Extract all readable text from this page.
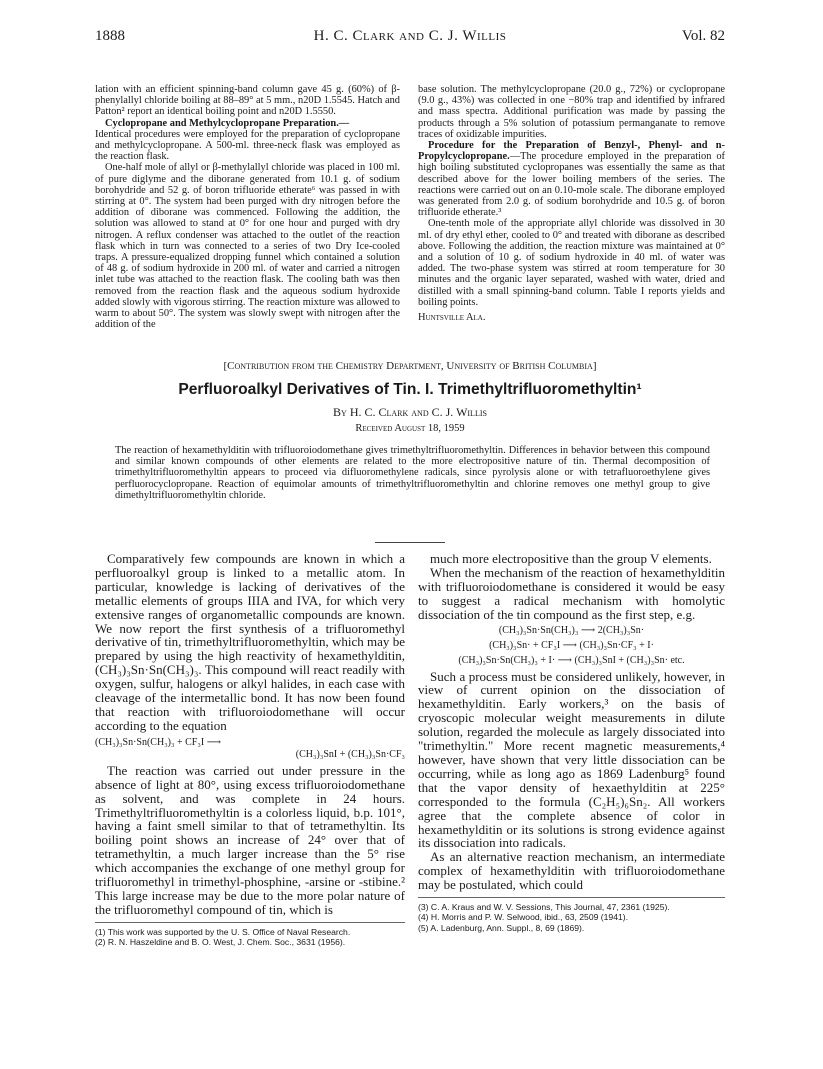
1888	H. C. Clark and C. J. Willis	Vol. 82

lation with an efficient spinning-band column gave 45 g. (60%) of β-phenylallyl chloride boiling at 88–89° at 5 mm., n20D 1.5545. Hatch and Patton² report an identical boiling point and n20D 1.5550.

Cyclopropane and Methylcyclopropane Preparation.—

Identical procedures were employed for the preparation of cyclopropane and methylcyclopropane. A 500-ml. three-neck flask was employed as the reaction flask.

One-half mole of allyl or β-methylallyl chloride was placed in 100 ml. of pure diglyme and the diborane generated from 10.1 g. of sodium borohydride and 52 g. of boron trifluoride etherate⁶ was passed in with stirring at 0°. The system had been purged with dry nitrogen before the addition of diborane was commenced. Following the addition, the solution was allowed to stand at 0° for one hour and purged with dry nitrogen. A reflux condenser was attached to the outlet of the reaction flask which in turn was connected to a series of two Dry Ice-cooled traps. A pressure-equalized dropping funnel which contained a solution of 48 g. of sodium hydroxide in 200 ml. of water and carried a nitrogen inlet tube was attached to the reaction flask. The cooling bath was then removed from the reaction flask and the aqueous sodium hydroxide added slowly with vigorous stirring. The reaction mixture was allowed to warm to about 50°. The system was slowly swept with nitrogen after the addition of the

base solution. The methylcyclopropane (20.0 g., 72%) or cyclopropane (9.0 g., 43%) was collected in one −80% trap and identified by infrared and mass spectra. Additional purification was made by passing the products through a 5% solution of potassium permanganate to remove traces of oxidizable impurities.

Procedure for the Preparation of Benzyl-, Phenyl- and n-Propylcyclopropane.—The procedure employed in the preparation of high boiling substituted cyclopropanes was essentially the same as that described above for the lower boiling members of the series. The reactions were carried out on an 0.10-mole scale. The diborane employed was generated from 2.0 g. of sodium borohydride and 10.5 g. of boron trifluoride etherate.³

One-tenth mole of the appropriate allyl chloride was dissolved in 30 ml. of dry ethyl ether, cooled to 0° and treated with diborane as described above. Following the addition, the reaction mixture was maintained at 0° and a solution of 10 g. of sodium hydroxide in 40 ml. of water was added. The two-phase system was stirred at room temperature for 30 minutes and the organic layer separated, washed with water, dried and distilled with a small spinning-band column. Table I reports yields and boiling points.

Huntsville Ala.

[Contribution from the Chemistry Department, University of British Columbia]
Perfluoroalkyl Derivatives of Tin. I. Trimethyltrifluoromethyltin¹
By H. C. Clark and C. J. Willis
Received August 18, 1959
The reaction of hexamethylditin with trifluoroiodomethane gives trimethyltrifluoromethyltin. Differences in behavior between this compound and similar known compounds of other elements are related to the more electropositive nature of tin. Thermal decomposition of trimethyltrifluoromethyltin appears to proceed via difluoromethylene radicals, since pyrolysis alone or with tetrafluoroethylene gives perfluorocyclopropane. Reaction of equimolar amounts of trimethyltrifluoromethyltin and chlorine removes one methyl group to give dimethyltrifluoromethyltin chloride.

Comparatively few compounds are known in which a perfluoroalkyl group is linked to a metallic atom. In particular, knowledge is lacking of derivatives of the metallic elements of groups IIIA and IVA, for which very extensive ranges of organometallic compounds are known. We now report the first synthesis of a trifluoromethyl derivative of tin, trimethyltrifluoromethyltin, which may be prepared by using the high reactivity of hexamethylditin, (CH₃)₃Sn·Sn(CH₃)₃. This compound will react readily with oxygen, sulfur, halogens or alkyl halides, in each case with cleavage of the intermetallic bond. It has now been found that reaction with trifluoroiodomethane will occur according to the equation

(CH₃)₃Sn·Sn(CH₃)₃ + CF₃I ⟶
(CH₃)₃SnI + (CH₃)₃Sn·CF₃

The reaction was carried out under pressure in the absence of light at 80°, using excess trifluoroiodomethane as solvent, and was complete in 24 hours. Trimethyltrifluoromethyltin is a colorless liquid, b.p. 101°, having a faint smell similar to that of tetramethyltin. Its boiling point shows an increase of 24° over that of tetramethyltin, a much larger increase than the 5° rise which accompanies the exchange of one methyl group for trifluoromethyl in trimethyl-phosphine, -arsine or -stibine.² This large increase may be due to the more polar nature of the trifluoromethyl compound of tin, which is

(1) This work was supported by the U. S. Office of Naval Research.
(2) R. N. Haszeldine and B. O. West, J. Chem. Soc., 3631 (1956).

much more electropositive than the group V elements.

When the mechanism of the reaction of hexamethylditin with trifluoroiodomethane is considered it would be easy to suggest a radical mechanism with homolytic dissociation of the tin compound as the first step, e.g.

(CH₃)₃Sn·Sn(CH₃)₃ ⟶ 2(CH₃)₃Sn·
(CH₃)₃Sn· + CF₃I ⟶ (CH₃)₃Sn·CF₃ + I·
(CH₃)₃Sn·Sn(CH₃)₃ + I· ⟶ (CH₃)₃SnI + (CH₃)₃Sn· etc.

Such a process must be considered unlikely, however, in view of current opinion on the dissociation of hexamethylditin. Early workers,³ on the basis of cryoscopic molecular weight measurements in dilute solution, regarded the molecule as largely dissociated into "trimethyltin." More recent magnetic measurements,⁴ however, have shown that very little dissociation can be occurring, while as long ago as 1869 Ladenburg⁵ found that the vapor density of hexaethylditin at 225° corresponded to the formula (C₂H₅)₆Sn₂. All workers agree that the complete absence of color in hexamethylditin or its solutions is strong evidence against its dissociation into radicals.

As an alternative reaction mechanism, an intermediate complex of hexamethylditin with trifluoroiodomethane may be postulated, which could

(3) C. A. Kraus and W. V. Sessions, This Journal, 47, 2361 (1925).
(4) H. Morris and P. W. Selwood, ibid., 63, 2509 (1941).
(5) A. Ladenburg, Ann. Suppl., 8, 69 (1869).
